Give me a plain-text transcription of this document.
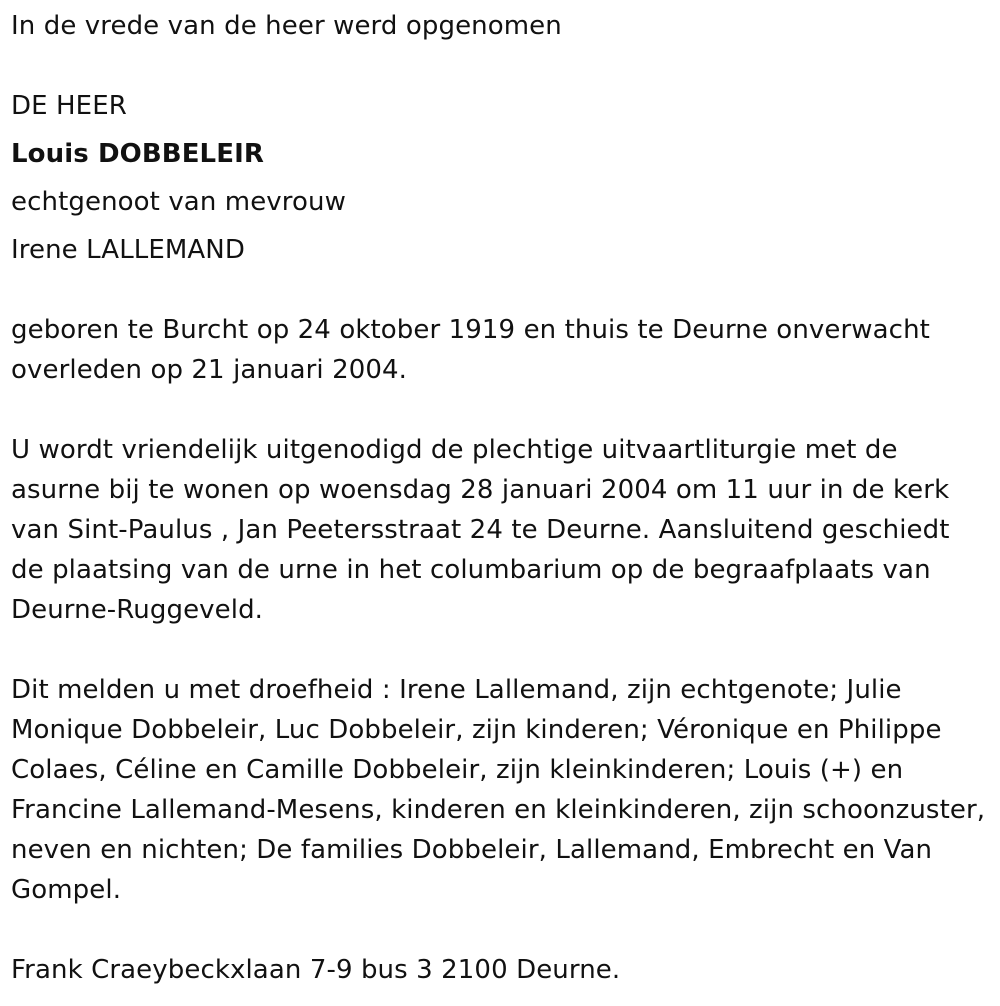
In de vrede van de heer werd opgenomen
DE HEER
Louis DOBBELEIR
echtgenoot van mevrouw
Irene LALLEMAND
geboren te Burcht op 24 oktober 1919 en thuis te Deurne onverwacht
overleden op 21 januari 2004.
U wordt vriendelijk uitgenodigd de plechtige uitvaartliturgie met de
asurne bij te wonen op woensdag 28 januari 2004 om 11 uur in de kerk
van Sint-Paulus , Jan Peetersstraat 24 te Deurne. Aansluitend geschiedt
de plaatsing van de urne in het columbarium op de begraafplaats van
Deurne-Ruggeveld.
Dit melden u met droefheid : Irene Lallemand, zijn echtgenote; Julie
Monique Dobbeleir, Luc Dobbeleir, zijn kinderen; Véronique en Philippe
Colaes, Céline en Camille Dobbeleir, zijn kleinkinderen; Louis (+) en
Francine Lallemand-Mesens, kinderen en kleinkinderen, zijn schoonzuster,
neven en nichten; De families Dobbeleir, Lallemand, Embrecht en Van
Gompel.
Frank Craeybeckxlaan 7-9 bus 3 2100 Deurne.
